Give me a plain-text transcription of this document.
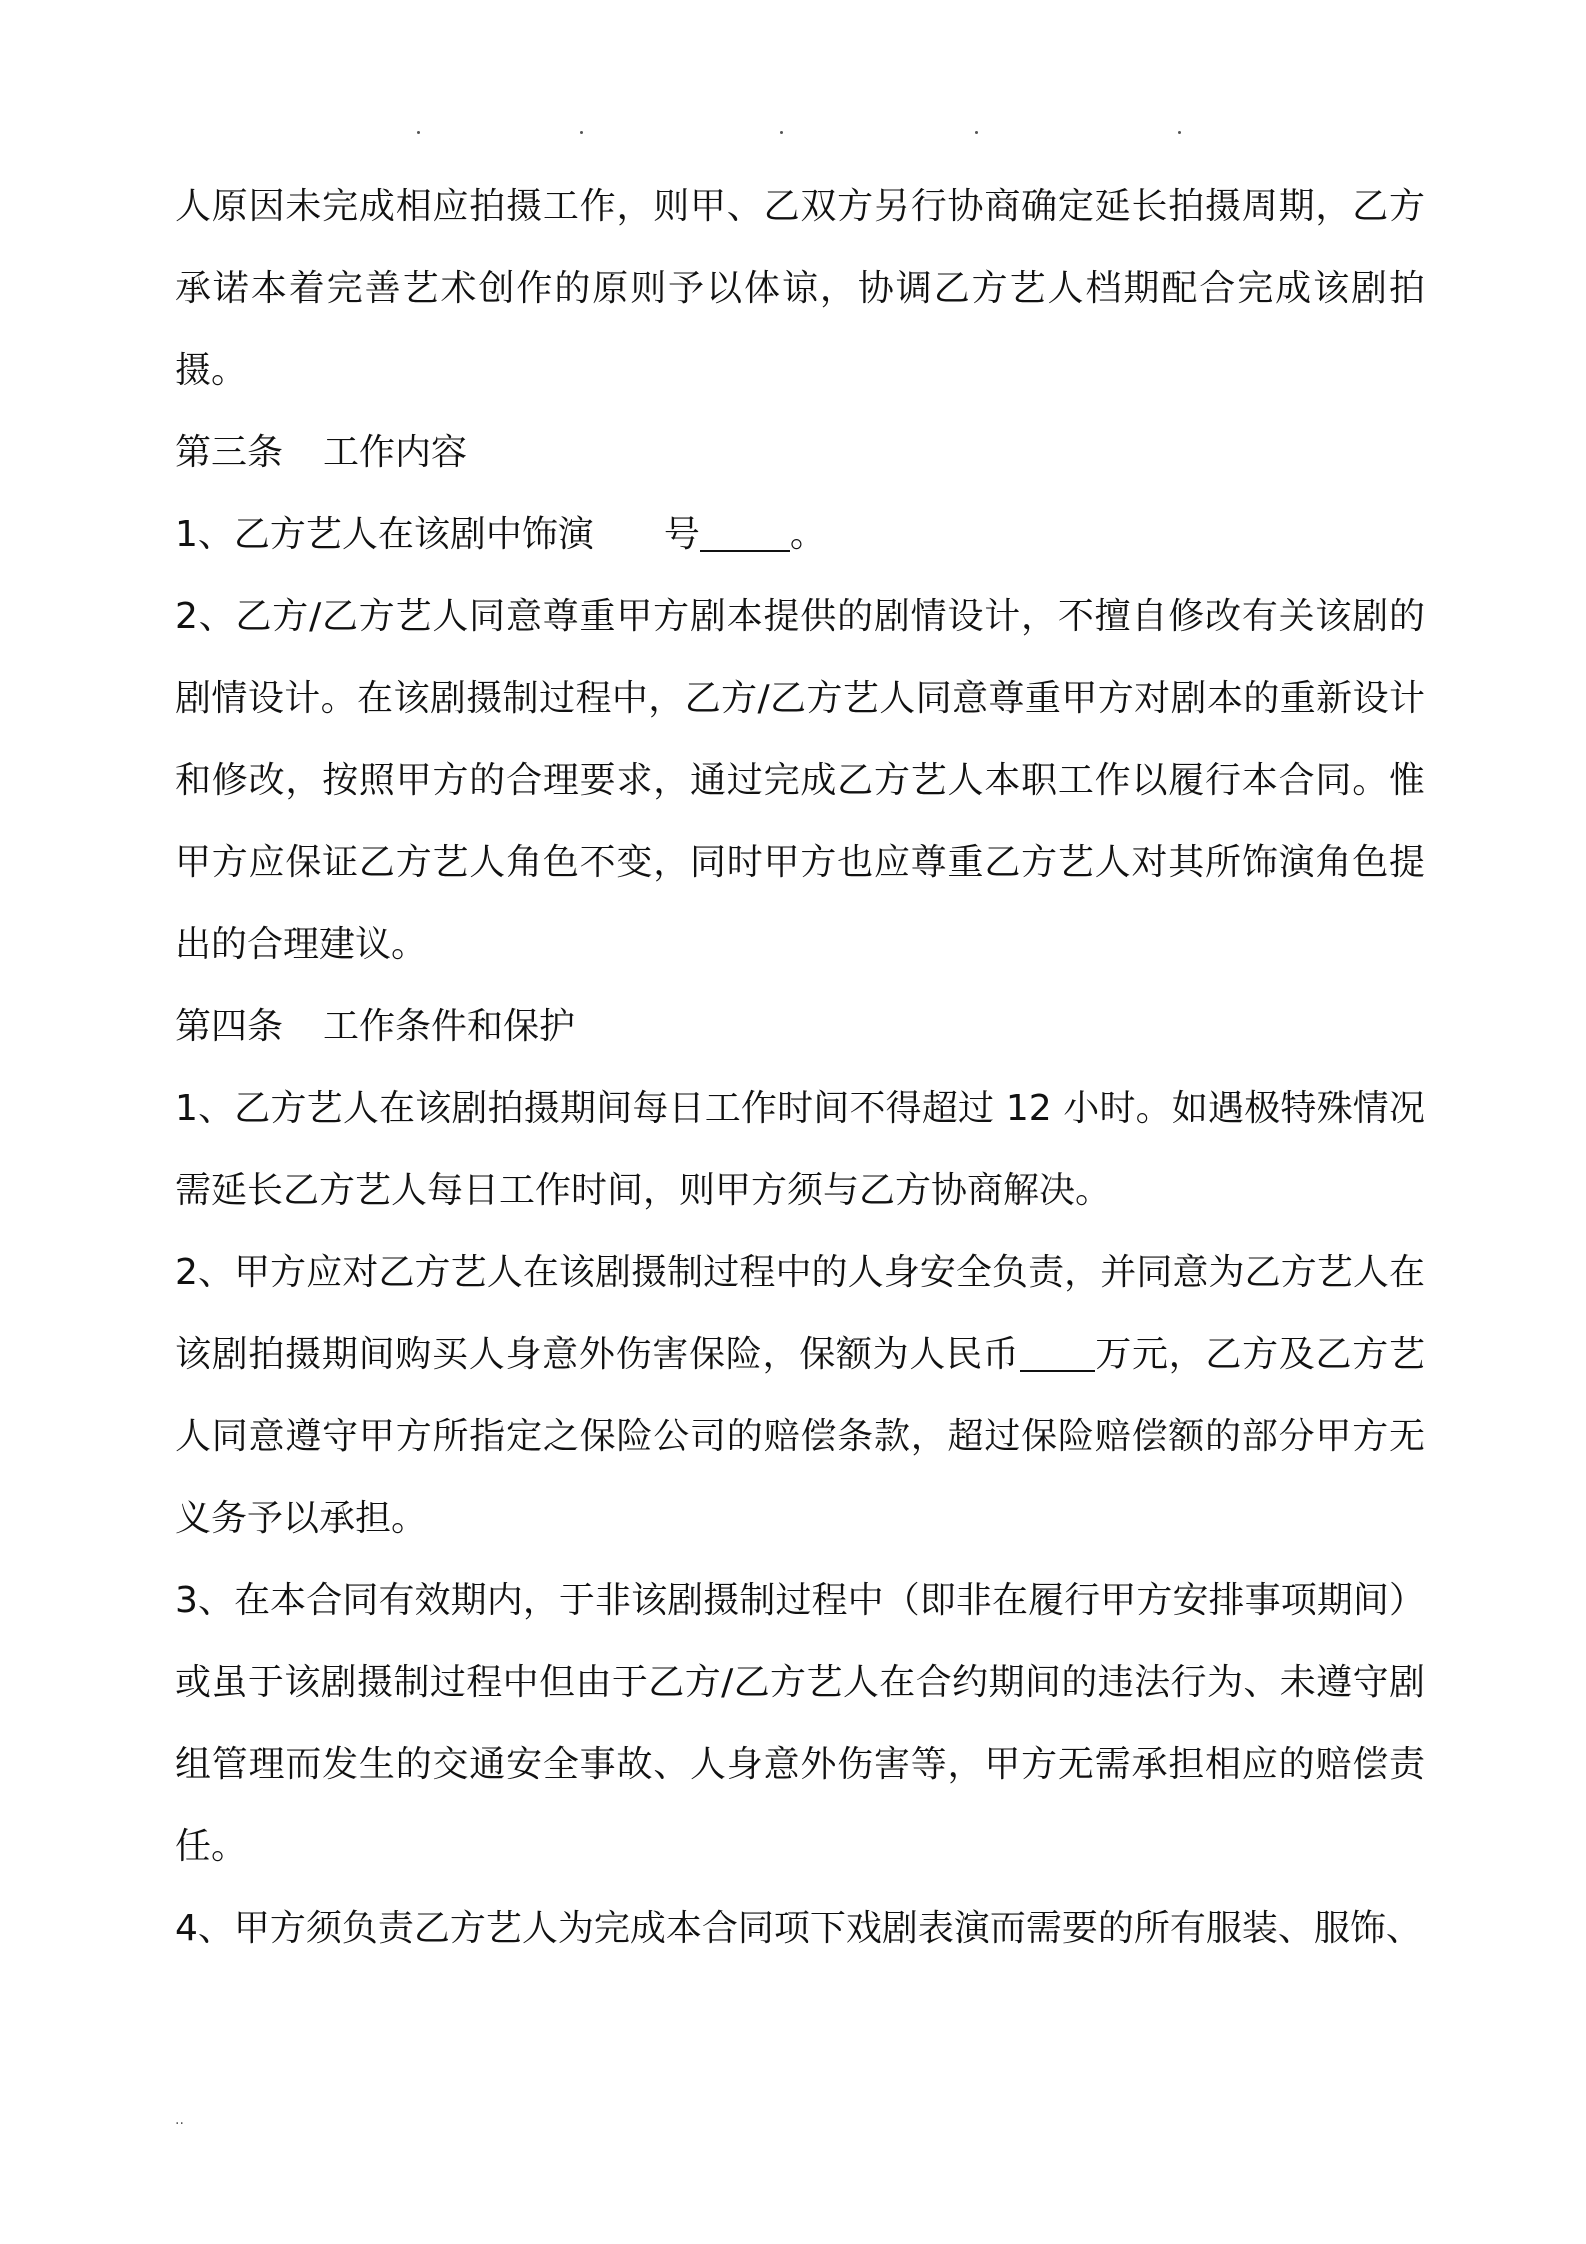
人原因未完成相应拍摄工作，则甲、乙双方另行协商确定延长拍摄周期，乙方承诺本着完善艺术创作的原则予以体谅，协调乙方艺人档期配合完成该剧拍摄。

第三条 工作内容

1、乙方艺人在该剧中饰演 号	。

2、乙方/乙方艺人同意尊重甲方剧本提供的剧情设计，不擅自修改有关该剧的剧情设计。在该剧摄制过程中，乙方/乙方艺人同意尊重甲方对剧本的重新设计和修改，按照甲方的合理要求，通过完成乙方艺人本职工作以履行本合同。惟甲方应保证乙方艺人角色不变，同时甲方也应尊重乙方艺人对其所饰演角色提出的合理建议。

第四条 工作条件和保护

1、乙方艺人在该剧拍摄期间每日工作时间不得超过 12 小时。如遇极特殊情况需延长乙方艺人每日工作时间，则甲方须与乙方协商解决。

2、甲方应对乙方艺人在该剧摄制过程中的人身安全负责，并同意为乙方艺人在该剧拍摄期间购买人身意外伤害保险，保额为人民币 万元，乙方及乙方艺人同意遵守甲方所指定之保险公司的赔偿条款，超过保险赔偿额的部分甲方无义务予以承担。

3、在本合同有效期内，于非该剧摄制过程中（即非在履行甲方安排事项期间）或虽于该剧摄制过程中但由于乙方/乙方艺人在合约期间的违法行为、未遵守剧组管理而发生的交通安全事故、人身意外伤害等，甲方无需承担相应的赔偿责任。

4、甲方须负责乙方艺人为完成本合同项下戏剧表演而需要的所有服装、服饰、

..
